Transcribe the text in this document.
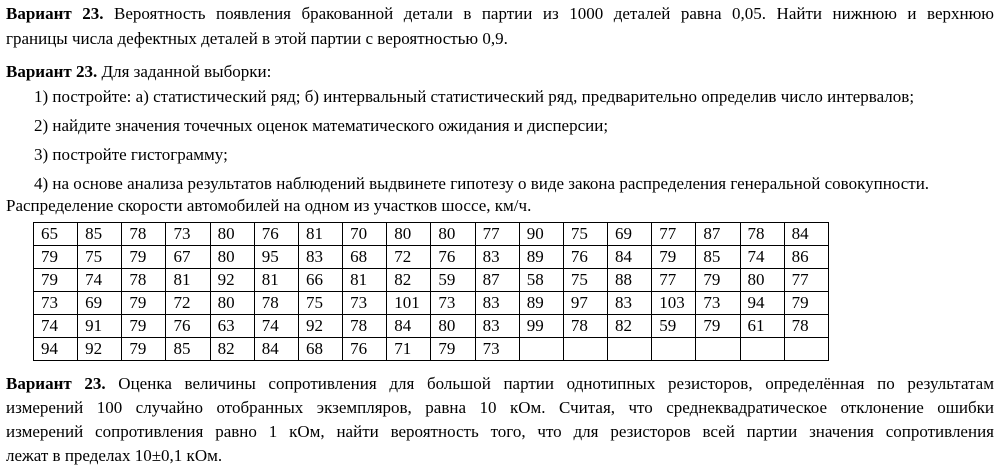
Вариант 23. Вероятность появления бракованной детали в партии из 1000 деталей равна 0,05. Найти нижнюю и верхнюю
границы числа дефектных деталей в этой партии с вероятностью 0,9.
Вариант 23. Для заданной выборки:
1) постройте: а) статистический ряд; б) интервальный статистический ряд, предварительно определив число интервалов;
2) найдите значения точечных оценок математического ожидания и дисперсии;
3) постройте гистограмму;
4) на основе анализа результатов наблюдений выдвинете гипотезу о виде закона распределения генеральной совокупности.
Распределение скорости автомобилей на одном из участков шоссе, км/ч.
65	85	78	73	80	76	81	70	80	80	77	90	75	69	77	87	78	84
79	75	79	67	80	95	83	68	72	76	83	89	76	84	79	85	74	86
79	74	78	81	92	81	66	81	82	59	87	58	75	88	77	79	80	77
73	69	79	72	80	78	75	73	101	73	83	89	97	83	103	73	94	79
74	91	79	76	63	74	92	78	84	80	83	99	78	82	59	79	61	78
94	92	79	85	82	84	68	76	71	79	73							
Вариант 23. Оценка величины сопротивления для большой партии однотипных резисторов, определённая по результатам
измерений 100 случайно отобранных экземпляров, равна 10 кОм. Считая, что среднеквадратическое отклонение ошибки
измерений сопротивления равно 1 кОм, найти вероятность того, что для резисторов всей партии значения сопротивления
лежат в пределах 10±0,1 кОм.
